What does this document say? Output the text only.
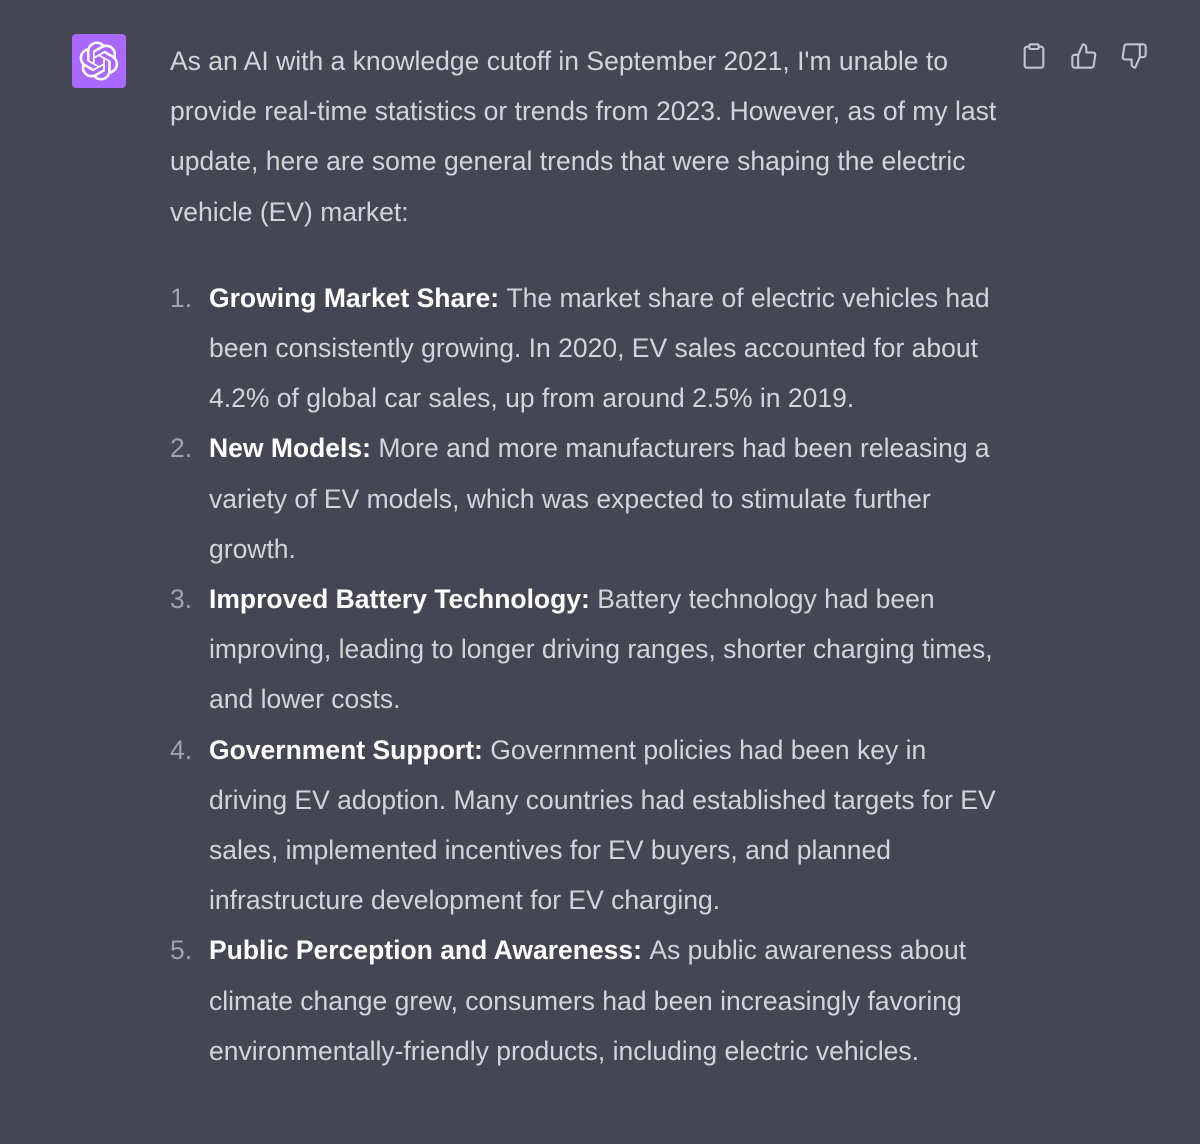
As an AI with a knowledge cutoff in September 2021, I'm unable to provide real-time statistics or trends from 2023. However, as of my last update, here are some general trends that were shaping the electric vehicle (EV) market:

1. Growing Market Share: The market share of electric vehicles had been consistently growing. In 2020, EV sales accounted for about 4.2% of global car sales, up from around 2.5% in 2019.
2. New Models: More and more manufacturers had been releasing a variety of EV models, which was expected to stimulate further growth.
3. Improved Battery Technology: Battery technology had been improving, leading to longer driving ranges, shorter charging times, and lower costs.
4. Government Support: Government policies had been key in driving EV adoption. Many countries had established targets for EV sales, implemented incentives for EV buyers, and planned infrastructure development for EV charging.
5. Public Perception and Awareness: As public awareness about climate change grew, consumers had been increasingly favoring environmentally-friendly products, including electric vehicles.
